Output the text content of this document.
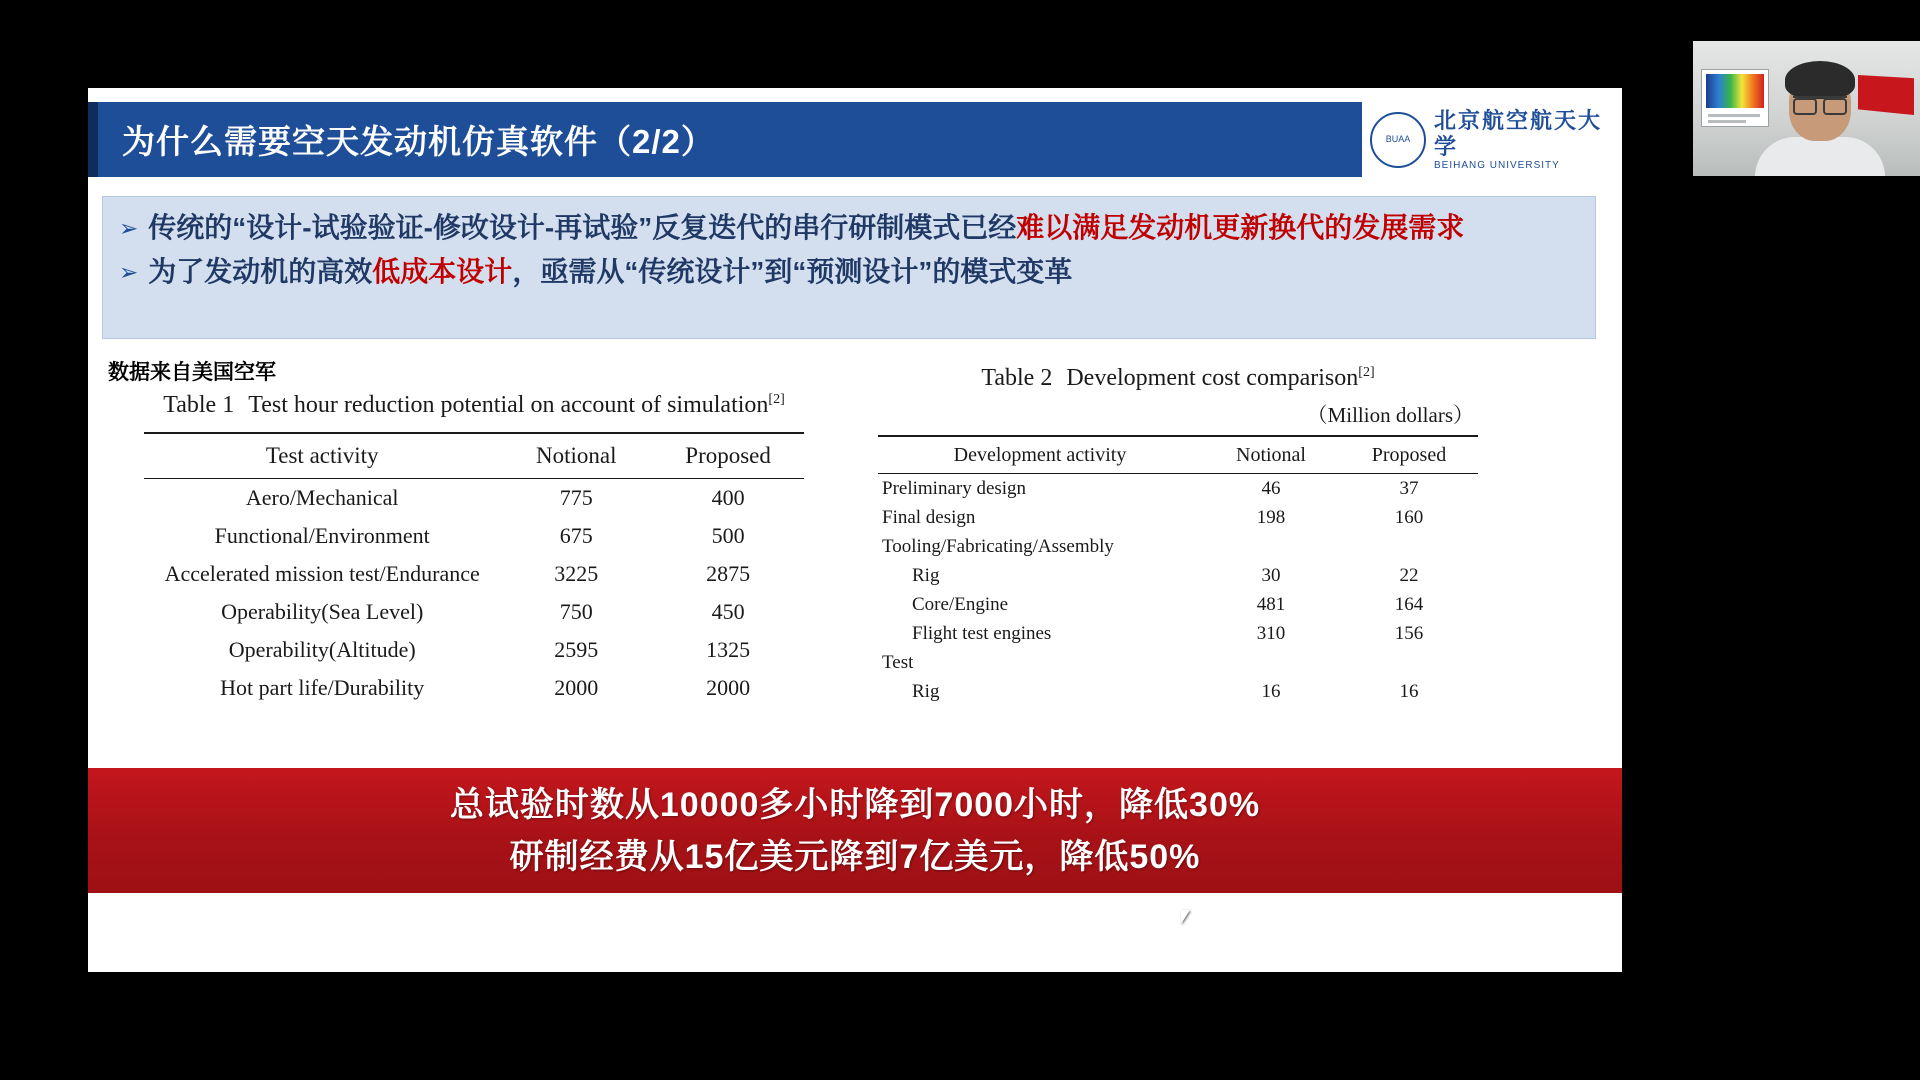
为什么需要空天发动机仿真软件（2/2）	BUAA
北京航空航天大学
BEIHANG UNIVERSITY
➢ 传统的“设计-试验验证-修改设计-再试验”反复迭代的串行研制模式已经难以满足发动机更新换代的发展需求
➢ 为了发动机的高效低成本设计，亟需从“传统设计”到“预测设计”的模式变革
数据来自美国空军
Table 1 Test hour reduction potential on account of simulation[2]
Test activity	Notional	Proposed
Aero/Mechanical	775	400
Functional/Environment	675	500
Accelerated mission test/Endurance	3225	2875
Operability(Sea Level)	750	450
Operability(Altitude)	2595	1325
Hot part life/Durability	2000	2000
Table 2 Development cost comparison[2]
（Million dollars）
Development activity	Notional	Proposed
Preliminary design	46	37
Final design	198	160
Tooling/Fabricating/Assembly		
Rig	30	22
Core/Engine	481	164
Flight test engines	310	156
Test		
Rig	16	16
总试验时数从10000多小时降到7000小时，降低30%
研制经费从15亿美元降到7亿美元，降低50%
